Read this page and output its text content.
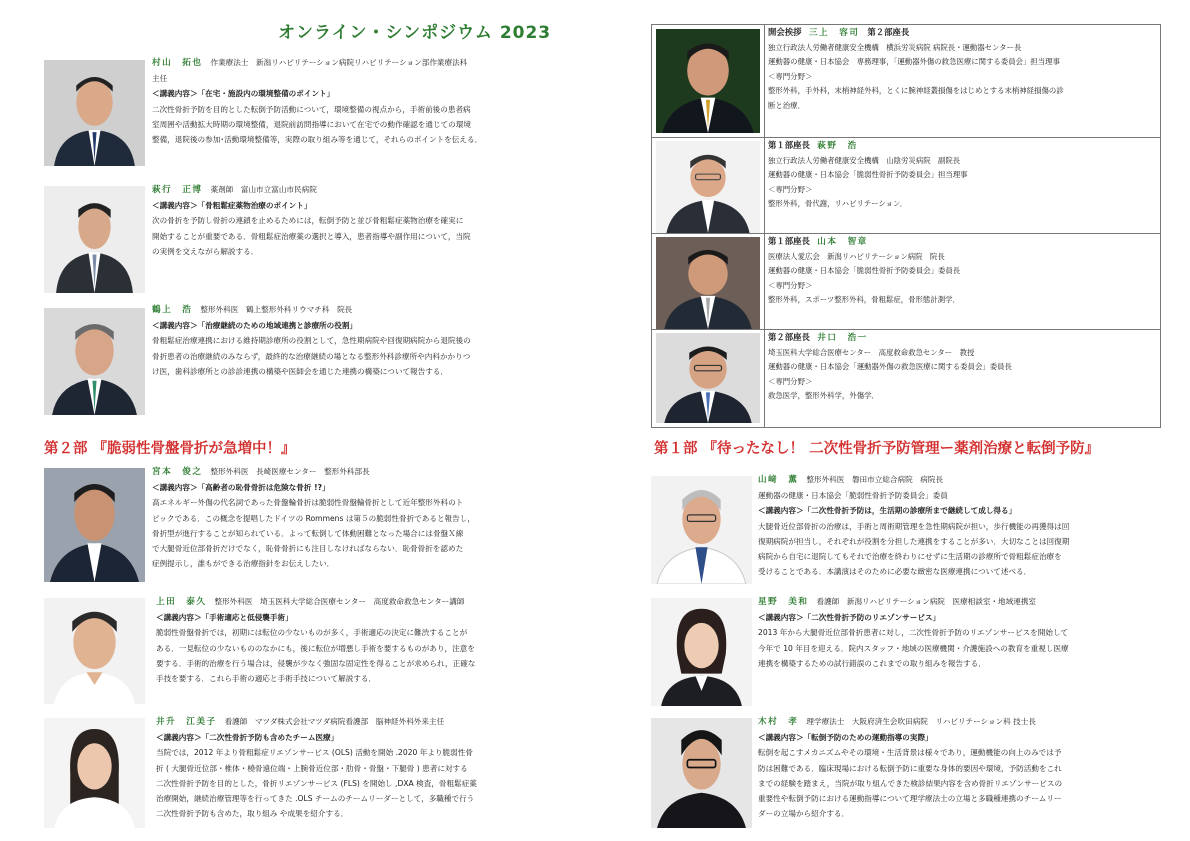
オンライン・シンポジウム 2023
第２部 『脆弱性骨盤骨折が急増中！』	第１部 『待ったなし！ 二次性骨折予防管理ー薬剤治療と転倒予防』

村山　拓也 作業療法士　新潟リハビリテーション病院リハビリテーション部作業療法科

主任

＜講義内容＞「在宅・施設内の環境整備のポイント」

二次性骨折予防を目的とした転倒予防活動について，環境整備の視点から，手術前後の患者病

室周囲や活動拡大時期の環境整備，退院前訪問指導において在宅での動作確認を通じての環境

整備，退院後の参加･活動環境整備等，実際の取り組み等を通じて，それらのポイントを伝える．

萩行　正博 薬剤師　富山市立富山市民病院

＜講義内容＞「骨粗鬆症薬物治療のポイント」

次の骨折を予防し骨折の連鎖を止めるためには，転倒予防と並び骨粗鬆症薬物治療を確実に

開始することが重要である．骨粗鬆症治療薬の選択と導入，患者指導や副作用について，当院

の実例を交えながら解説する．

鶴上　浩 整形外科医　鶴上整形外科リウマチ科　院長

＜講義内容＞「治療継続のための地域連携と診療所の役割」

骨粗鬆症治療連携における維持期診療所の役割として，急性期病院や回復期病院から退院後の

骨折患者の治療継続のみならず，最終的な治療継続の場となる整形外科診療所や内科かかりつ

け医，歯科診療所との診診連携の構築や医師会を通じた連携の構築について報告する．

宮本　俊之 整形外科医　長崎医療センター　整形外科部長

＜講義内容＞「高齢者の恥骨骨折は危険な骨折 !?」

高エネルギー外傷の代名詞であった骨盤輪骨折は脆弱性骨盤輪骨折として近年整形外科のト

ピックである．この概念を提唱したドイツの Rommens は第５の脆弱性骨折であると報告し，

骨折型が進行することが知られている．よって転倒して体動困難となった場合には骨盤Ｘ線

で大腿骨近位部骨折だけでなく，恥骨骨折にも注目しなければならない．恥骨骨折を認めた

症例提示し，誰もができる治療指針をお伝えしたい．

上田　泰久 整形外科医　埼玉医科大学総合医療センター　高度救命救急センター講師

＜講義内容＞「手術適応と低侵襲手術」

脆弱性骨盤骨折では，初期には転位の少ないものが多く，手術適応の決定に難渋することが

ある．一見転位の少ないもののなかにも，後に転位が増悪し手術を要するものがあり，注意を

要する．手術的治療を行う場合は，侵襲が少なく強固な固定性を得ることが求められ，正確な

手技を要する．これら手術の適応と手術手技について解説する．

井升　江美子 看護師　マツダ株式会社マツダ病院看護部　脳神経外科外来主任

＜講義内容＞「二次性骨折予防も含めたチーム医療」

当院では，2012 年より骨粗鬆症リエゾンサービス (OLS) 活動を開始 .2020 年より脆弱性骨

折 ( 大腿骨近位部・椎体・橈骨遠位端・上腕骨近位部・肋骨・骨盤・下腿骨 ) 患者に対する

二次性骨折予防を目的とした，骨折リエゾンサービス (FLS) を開始し ,DXA 検査，骨粗鬆症薬

治療開始，継続治療管理等を行ってきた .OLS チームのチームリーダーとして，多職種で行う

二次性骨折予防も含めた，取り組み や成果を紹介する．

開会挨拶　 三上　容司 第２部座長

独立行政法人労働者健康安全機構　横浜労災病院 病院長・運動器センター長

運動器の健康・日本協会　専務理事，「運動器外傷の救急医療に関する委員会」担当理事

＜専門分野＞

整形外科，手外科，末梢神経外科，とくに腕神経叢損傷をはじめとする末梢神経損傷の診

断と治療．

第１部座長　 萩野　浩

独立行政法人労働者健康安全機構　山陰労災病院　副院長

運動器の健康・日本協会「脆弱性骨折予防委員会」担当理事

＜専門分野＞

整形外科，骨代謝，リハビリテーション．

第１部座長　 山本　智章

医療法人愛広会　新潟リハビリテーション病院　院長

運動器の健康・日本協会「脆弱性骨折予防委員会」委員長

＜専門分野＞

整形外科，スポーツ整形外科，骨粗鬆症，骨形態計測学．

第２部座長　 井口　浩一

埼玉医科大学総合医療センター　高度救命救急センター　教授

運動器の健康・日本協会「運動器外傷の救急医療に関する委員会」委員長

＜専門分野＞

救急医学，整形外科学，外傷学．

山﨑　薫 整形外科医　磐田市立総合病院　病院長

運動器の健康・日本協会「脆弱性骨折予防委員会」委員

＜講義内容＞「二次性骨折予防は，生活期の診療所まで継続して成し得る」

大腿骨近位部骨折の治療は，手術と周術期管理を急性期病院が担い，歩行機能の再獲得は回

復期病院が担当し，それぞれが役割を分担した連携をすることが多い．大切なことは回復期

病院から自宅に退院してもそれで治療を終わりにせずに生活期の診療所で骨粗鬆症治療を

受けることである．本講演はそのために必要な緻密な医療連携について述べる．

星野　美和 看護師　新潟リハビリテーション病院　医療相談室・地域連携室

＜講義内容＞「二次性骨折予防のリエゾンサービス」

2013 年から大腿骨近位部骨折患者に対し，二次性骨折予防のリエゾンサービスを開始して

今年で 10 年目を迎える．院内スタッフ・地域の医療機関・介護施設への教育を重視し医療

連携を構築するための試行錯誤のこれまでの取り組みを報告する．

木村　孝 理学療法士　大阪府済生会吹田病院　リハビリテーション科 技士長

＜講義内容＞「転倒予防のための運動指導の実際」

転倒を起こすメカニズムやその環境・生活背景は様々であり，運動機能の向上のみでは予

防は困難である．臨床現場における転倒予防に重要な身体的要因や環境，予防活動をこれ

までの経験を踏まえ，当院が取り組んできた検診結果内容を含め骨折リエゾンサービスの

重要性や転倒予防における運動指導について理学療法士の立場と多職種連携のチームリー

ダーの立場から紹介する．
